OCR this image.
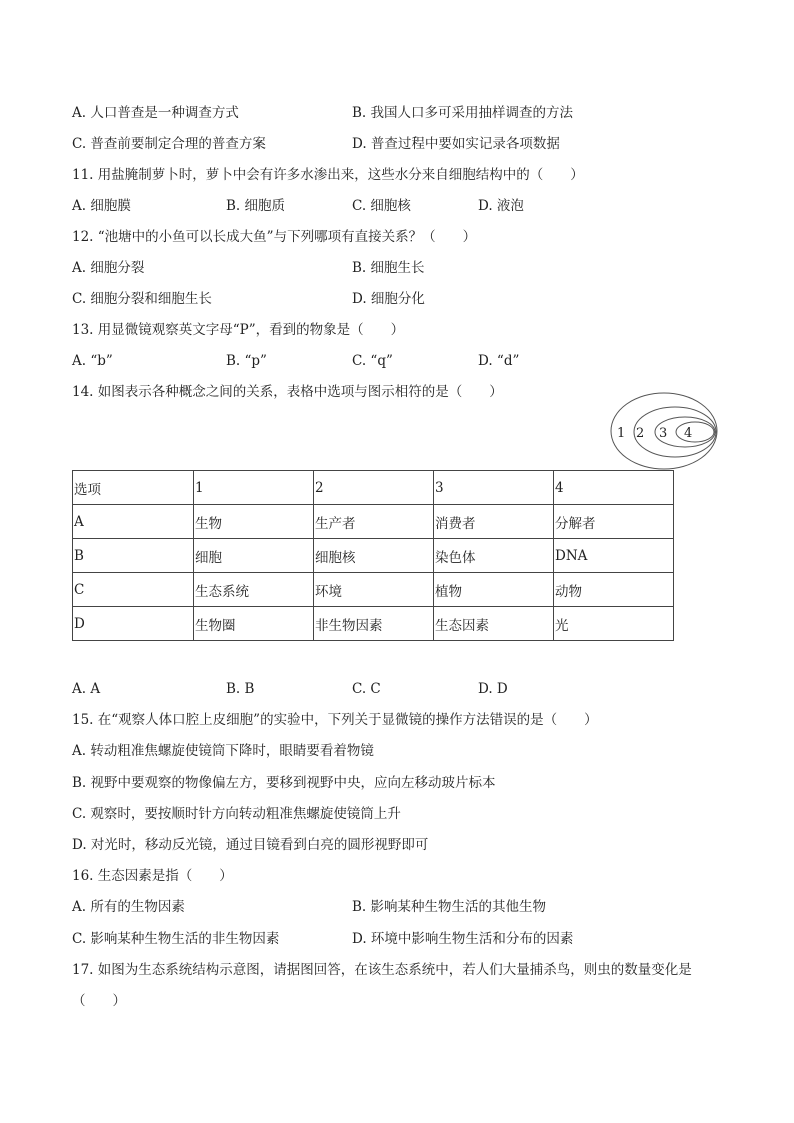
A. 人口普查是一种调查方式	B. 我国人口多可采用抽样调查的方法
C. 普查前要制定合理的普查方案	D. 普查过程中要如实记录各项数据
11. 用盐腌制萝卜时，萝卜中会有许多水渗出来，这些水分来自细胞结构中的（　　）
A. 细胞膜	B. 细胞质	C. 细胞核	D. 液泡
12. “池塘中的小鱼可以长成大鱼”与下列哪项有直接关系？（　　）
A. 细胞分裂	B. 细胞生长
C. 细胞分裂和细胞生长	D. 细胞分化
13. 用显微镜观察英文字母“P”，看到的物象是（　　）
A. “b”	B. “p”	C. “q”	D. “d”
14. 如图表示各种概念之间的关系，表格中选项与图示相符的是（　　）
1 2 3 4
选项	1	2	3	4
A	生物	生产者	消费者	分解者
B	细胞	细胞核	染色体	DNA
C	生态系统	环境	植物	动物
D	生物圈	非生物因素	生态因素	光
A. A	B. B	C. C	D. D
15. 在“观察人体口腔上皮细胞”的实验中，下列关于显微镜的操作方法错误的是（　　）
A. 转动粗准焦螺旋使镜筒下降时，眼睛要看着物镜
B. 视野中要观察的物像偏左方，要移到视野中央，应向左移动玻片标本
C. 观察时，要按顺时针方向转动粗准焦螺旋使镜筒上升
D. 对光时，移动反光镜，通过目镜看到白亮的圆形视野即可
16. 生态因素是指（　　）
A. 所有的生物因素	B. 影响某种生物生活的其他生物
C. 影响某种生物生活的非生物因素	D. 环境中影响生物生活和分布的因素
17. 如图为生态系统结构示意图，请据图回答，在该生态系统中，若人们大量捕杀鸟，则虫的数量变化是
（　　）
